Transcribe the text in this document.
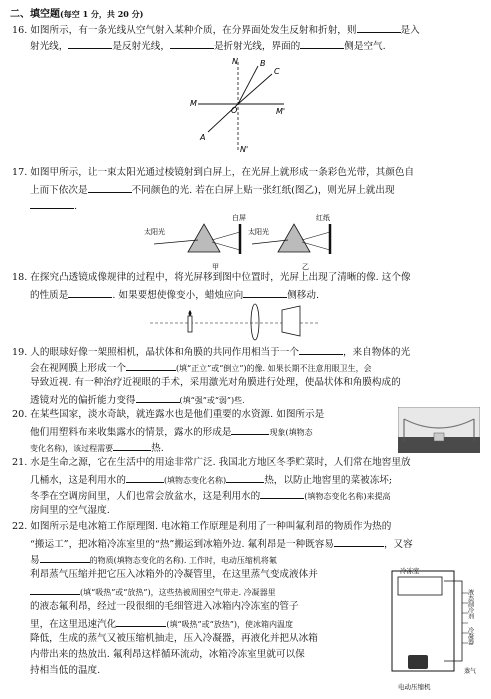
二、填空题(每空 1 分，共 20 分)
16. 如图所示，有一条光线从空气射入某种介质，在分界面处发生反射和折射，则	是入
射光线，	是反射光线，	是折射光线，界面的	侧是空气.
N	B
C
M
O	M'
A
N'
17. 如图甲所示，让一束太阳光通过棱镜射到白屏上，在光屏上就形成一条彩色光带，其颜色自
上而下依次是	不同颜色的光. 若在白屏上贴一张红纸(图乙)，则光屏上就出现
.
白屏
太阳光
甲
红纸
太阳光
乙
18. 在探究凸透镜成像规律的过程中，将光屏移到图中位置时，光屏上出现了清晰的像. 这个像
的性质是	. 如果要想使像变小，蜡烛应向	侧移动.
19. 人的眼球好像一架照相机，晶状体和角膜的共同作用相当于一个	，来自物体的光
会在视网膜上形成一个	(填“正立”或“倒立”)的像. 如果长期不注意用眼卫生，会
导致近视. 有一种治疗近视眼的手术，采用激光对角膜进行处理，使晶状体和角膜构成的
透镜对光的偏折能力变得	(填“强”或“弱”)些.
20. 在某些国家，淡水奇缺，就连露水也是他们重要的水资源. 如图所示是
他们用塑料布来收集露水的情景，露水的形成是	现象(填物态
变化名称)，该过程需要	热.
21. 水是生命之源，它在生活中的用途非常广泛. 我国北方地区冬季贮菜时，人们常在地窖里放
几桶水，这是利用水的	(填物态变化名称)	热，以防止地窖里的菜被冻坏;
冬季在空调房间里，人们也常会放盆水，这是利用水的	(填物态变化名称)来提高
房间里的空气湿度.
22. 如图所示是电冰箱工作原理图. 电冰箱工作原理是利用了一种叫氟利昂的物质作为热的
“搬运工”，把冰箱冷冻室里的“热”搬运到冰箱外边. 氟利昂是一种既容易	，又容
易	的物质(填物态变化的名称). 工作时，电动压缩机将氟
利昂蒸气压缩并把它压入冰箱外的冷凝管里，在这里蒸气变成液体并
(填“吸热”或“放热”)，这些热被周围空气带走. 冷凝器里
的液态氟利昂，经过一段很细的毛细管进入冰箱内冷冻室的管子
里，在这里迅速汽化	(填“吸热”或“放热”)，使冰箱内温度
降低，生成的蒸气又被压缩机抽走，压入冷凝器，再液化并把从冰箱
内带出来的热放出. 氟利昂这样循环流动，冰箱冷冻室里就可以保
持相当低的温度.
冷冻室
液态制冷剂
冷凝器
蒸气
电动压缩机
